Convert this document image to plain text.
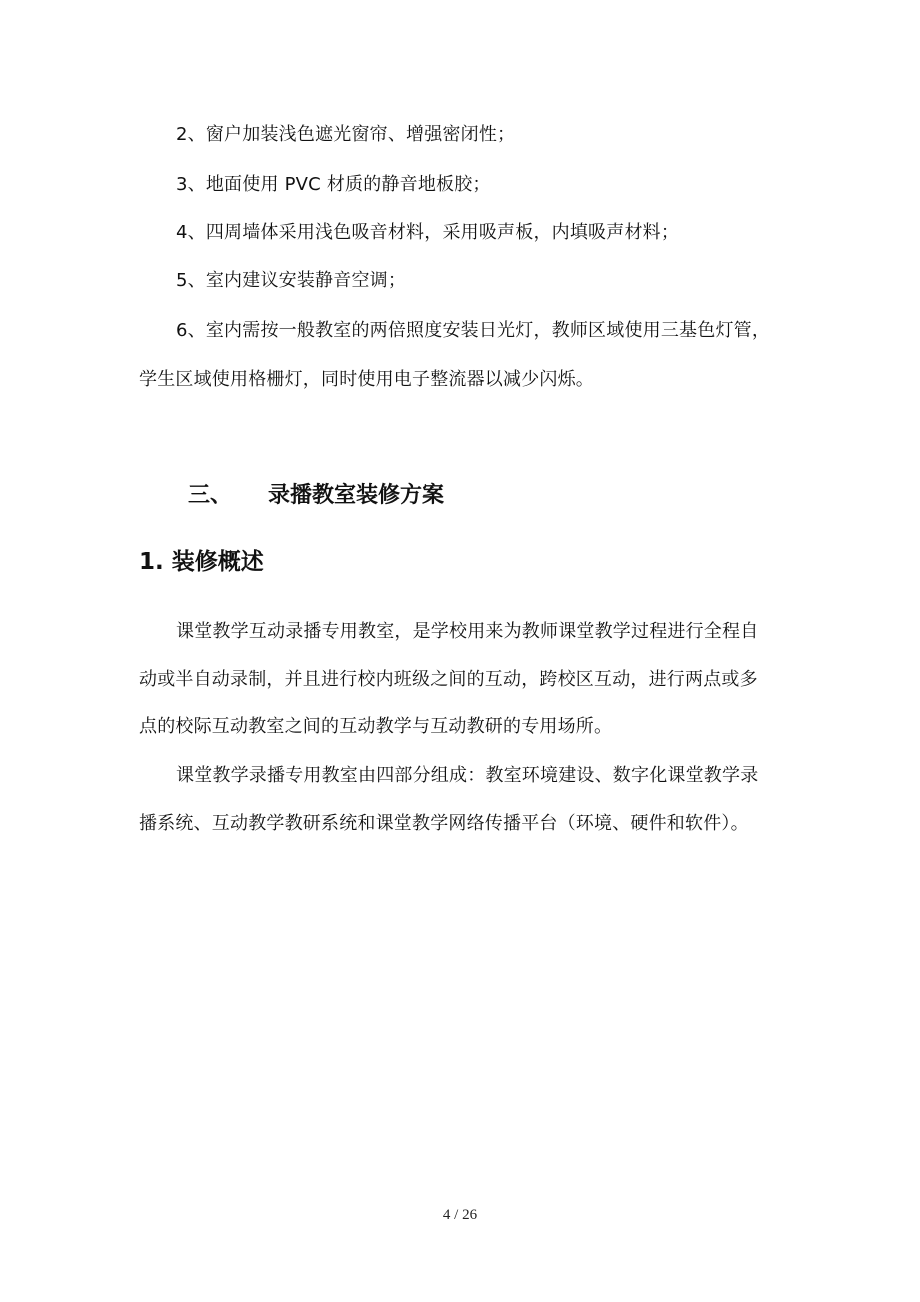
2、窗户加装浅色遮光窗帘、增强密闭性；
3、地面使用 PVC 材质的静音地板胶；
4、四周墙体采用浅色吸音材料，采用吸声板，内填吸声材料；
5、室内建议安装静音空调；
6、室内需按一般教室的两倍照度安装日光灯，教师区域使用三基色灯管，
学生区域使用格栅灯，同时使用电子整流器以减少闪烁。
三、 录播教室装修方案
1. 装修概述
课堂教学互动录播专用教室，是学校用来为教师课堂教学过程进行全程自
动或半自动录制，并且进行校内班级之间的互动，跨校区互动，进行两点或多
点的校际互动教室之间的互动教学与互动教研的专用场所。
课堂教学录播专用教室由四部分组成：教室环境建设、数字化课堂教学录
播系统、互动教学教研系统和课堂教学网络传播平台（环境、硬件和软件）。
4 / 26
